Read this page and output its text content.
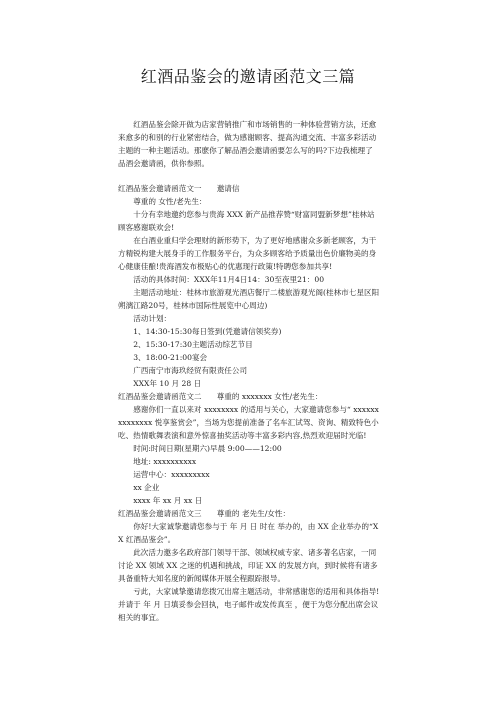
红酒品鉴会的邀请函范文三篇

红酒品鉴会除开做为店家营销推广和市场销售的一种体验营销方法，还愈来愈多的和别的行业紧密结合，做为感谢顾客、提高沟通交流、丰富多彩活动主题的一种主题活动。那麽你了解品酒会邀请函要怎么写的吗?下边我梳理了品酒会邀请函，供你参照。

红酒品鉴会邀请函范文一　　邀请信

尊重的 女性/老先生：

十分有幸地邀约您参与贵海 XXX 新产品推荐赞“财富同盟新梦想”桂林站顾客感谢联欢会!

在白酒业重归学会理财的新形势下，为了更好地感谢众多新老顾客，为干方精锐构建大展身手的工作服务平台，为众多顾客给予质量出色价廉物美的身心健康佳酿!贵海酒发布极贴心的优惠现行政策!特聘您参加共享!

活动的具体时间：XXX年11月4日14：30至夜里21：00

主题活动地址：桂林市旅游观光酒店餐厅二楼旅游观光阁(桂林市七星区阳朔漓江路20号，桂林市国际性展览中心周边)

活动计划：

1、14:30-15:30每日签到(凭邀请信领奖券)

2、15:30-17:30主题活动综艺节目

3、18:00-21:00宴会

广西南宁市海玖经贸有限责任公司

XXX年 10 月 28 日

红酒品鉴会邀请函范文二　　尊重的 xxxxxxx 女性/老先生：

感谢你们一直以来对 xxxxxxxx 的适用与关心，大家邀请您参与“ xxxxxxxxxxxxxx 悦享鉴赏会”，当场为您提前准备了名车汇试驾、资询、精致特色小吃、热情歌舞表演和意外惊喜抽奖活动等丰富多彩内容,热烈欢迎届时光临!

时间:时间日期(星期六)早晨 9:00——12:00

地址: xxxxxxxxxx

运营中心：xxxxxxxxx

xx 企业

xxxx 年 xx 月 xx 日

红酒品鉴会邀请函范文三　　尊重的 老先生/女性：

你好!大家诚挚邀请您参与于 年 月 日 时在 举办的，由 XX 企业举办的“XX 红酒品鉴会”。

此次活力邀多名政府部门领导干部、领域权威专家、诸多著名店家，一同讨论 XX 领域 XX 之迷的机遇和挑战，印证 XX 的发展方向，到时候将有诸多具备重特大知名度的新闻媒体开展全程跟踪报导。

亏此，大家诚挚邀请您拨冗出席主题活动，非常感谢您的适用和具体指导!并请于 年 月 日填妥参会回执，电子邮件或发传真至 ，便于为您分配出席会议相关的事宜。
